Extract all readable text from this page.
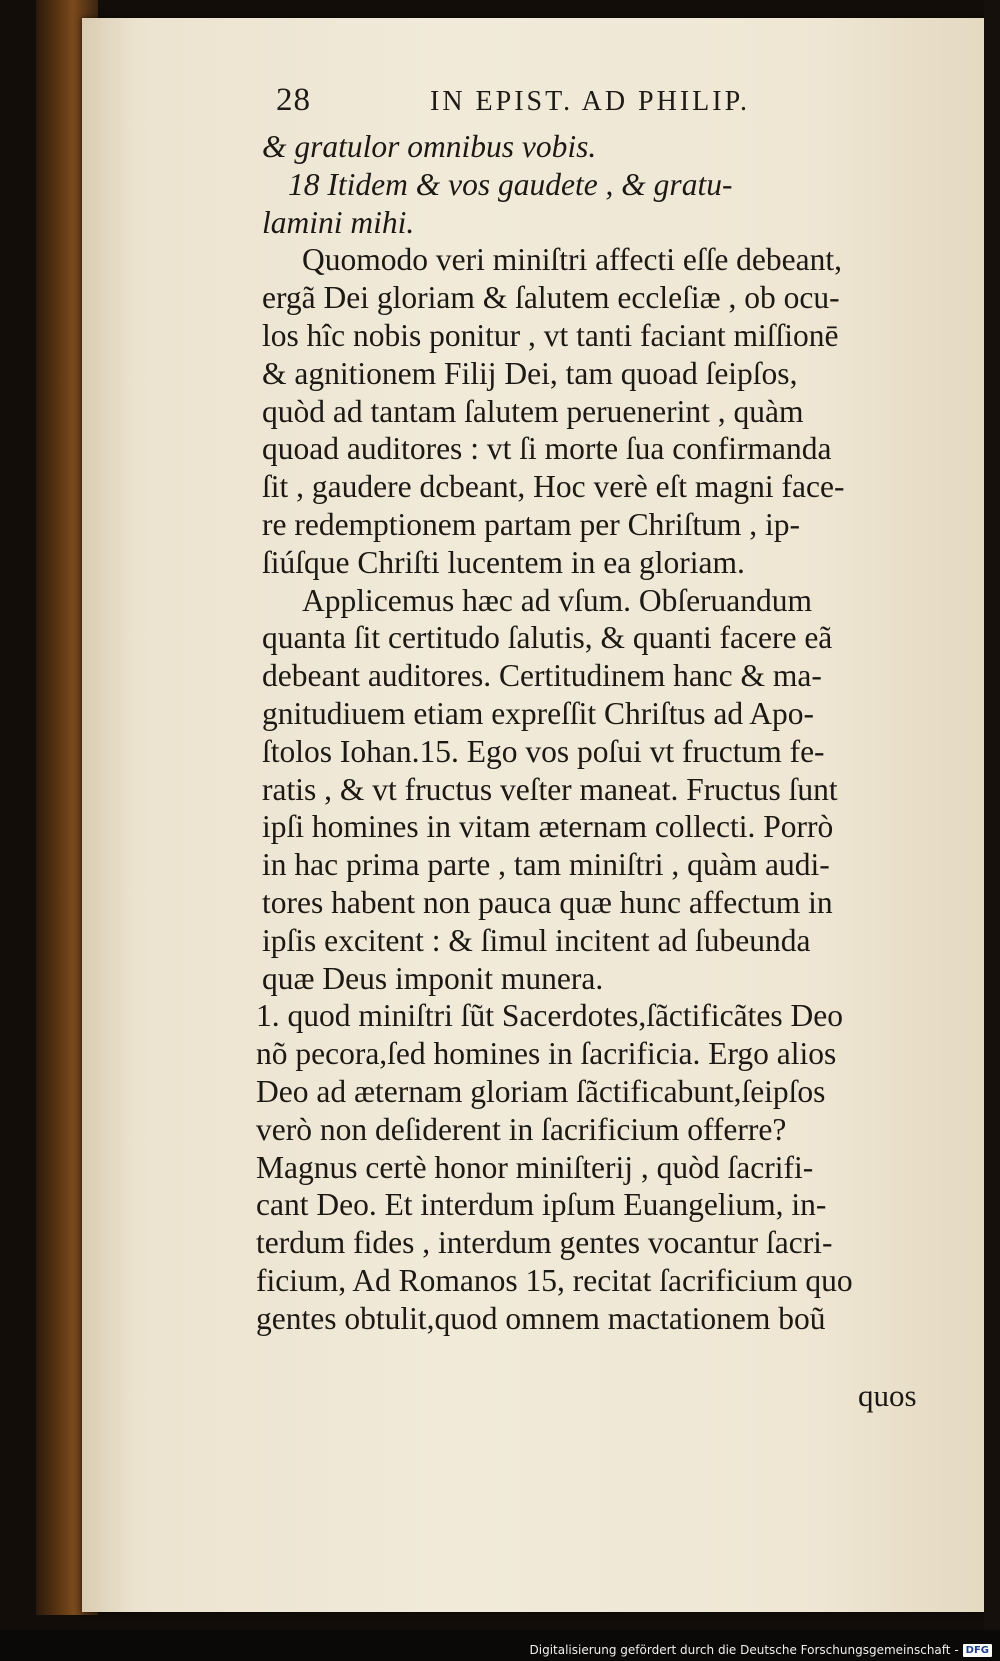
28	IN EPIST. AD PHILIP.
& gratulor omnibus vobis.
18 Itidem & vos gaudete , & gratu-
lamini mihi.
Quomodo veri miniſtri affecti eſſe debeant,
ergã Dei gloriam & ſalutem eccleſiæ , ob ocu-
los hîc nobis ponitur , vt tanti faciant miſſionē
& agnitionem Filij Dei, tam quoad ſeipſos,
quòd ad tantam ſalutem peruenerint , quàm
quoad auditores : vt ſi morte ſua confirmanda
ſit , gaudere dcbeant, Hoc verè eſt magni face-
re redemptionem partam per Chriſtum , ip-
ſiúſque Chriſti lucentem in ea gloriam.
Applicemus hæc ad vſum. Obſeruandum
quanta ſit certitudo ſalutis, & quanti facere eã
debeant auditores. Certitudinem hanc & ma-
gnitudiuem etiam expreſſit Chriſtus ad Apo-
ſtolos Iohan.15. Ego vos poſui vt fructum fe-
ratis , & vt fructus veſter maneat. Fructus ſunt
ipſi homines in vitam æternam collecti. Porrò
in hac prima parte , tam miniſtri , quàm audi-
tores habent non pauca quæ hunc affectum in
ipſis excitent : & ſimul incitent ad ſubeunda
quæ Deus imponit munera.
1. quod miniſtri ſũt Sacerdotes,ſãctificãtes Deo
nõ pecora,ſed homines in ſacrificia. Ergo alios
Deo ad æternam gloriam ſãctificabunt,ſeipſos
verò non deſiderent in ſacrificium offerre?
Magnus certè honor miniſterij , quòd ſacrifi-
cant Deo. Et interdum ipſum Euangelium, in-
terdum fides , interdum gentes vocantur ſacri-
ficium, Ad Romanos 15, recitat ſacrificium quo
gentes obtulit,quod omnem mactationem boũ
quos
Digitalisierung gefördert durch die Deutsche Forschungsgemeinschaft - DFG
